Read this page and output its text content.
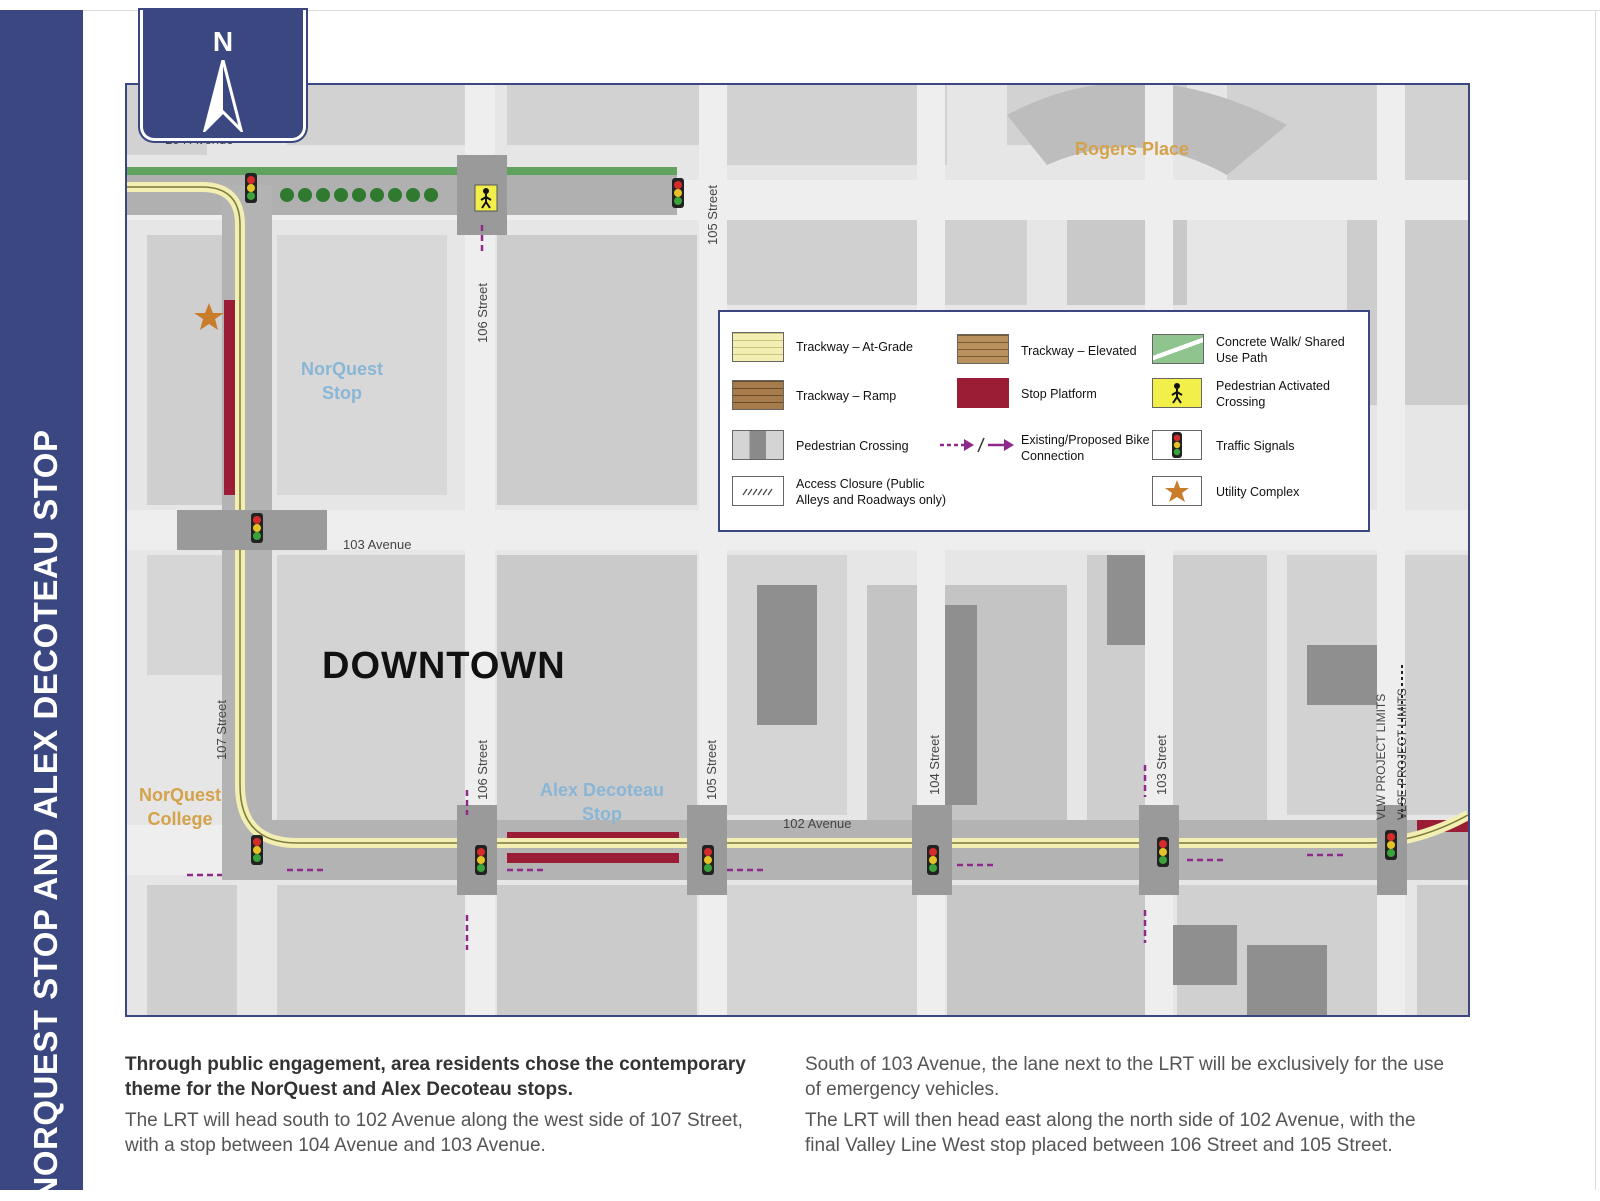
NORQUEST STOP AND ALEX DECOTEAU STOP
Rogers Place
NorQuest Stop
Alex Decoteau Stop
NorQuest College
DOWNTOWN
103 Avenue
102 Avenue
106 Street
105 Street
107 Street
106 Street	105 Street	104 Street	103 Street	VLW PROJECT LIMITS VLSE PROJECT LIMITS
N
Trackway – At-Grade	Trackway – Elevated
Concrete Walk/ Shared Use Path
Trackway – Ramp	Stop Platform
Pedestrian Activated Crossing
Pedestrian Crossing	Existing/Proposed Bike Connection
Traffic Signals
Access Closure (Public Alleys and Roadways only)
Utility Complex
Through public engagement, area residents chose the contemporary theme for the NorQuest and Alex Decoteau stops.
The LRT will head south to 102 Avenue along the west side of 107 Street, with a stop between 104 Avenue and 103 Avenue.
South of 103 Avenue, the lane next to the LRT will be exclusively for the use of emergency vehicles.
The LRT will then head east along the north side of 102 Avenue, with the final Valley Line West stop placed between 106 Street and 105 Street.
